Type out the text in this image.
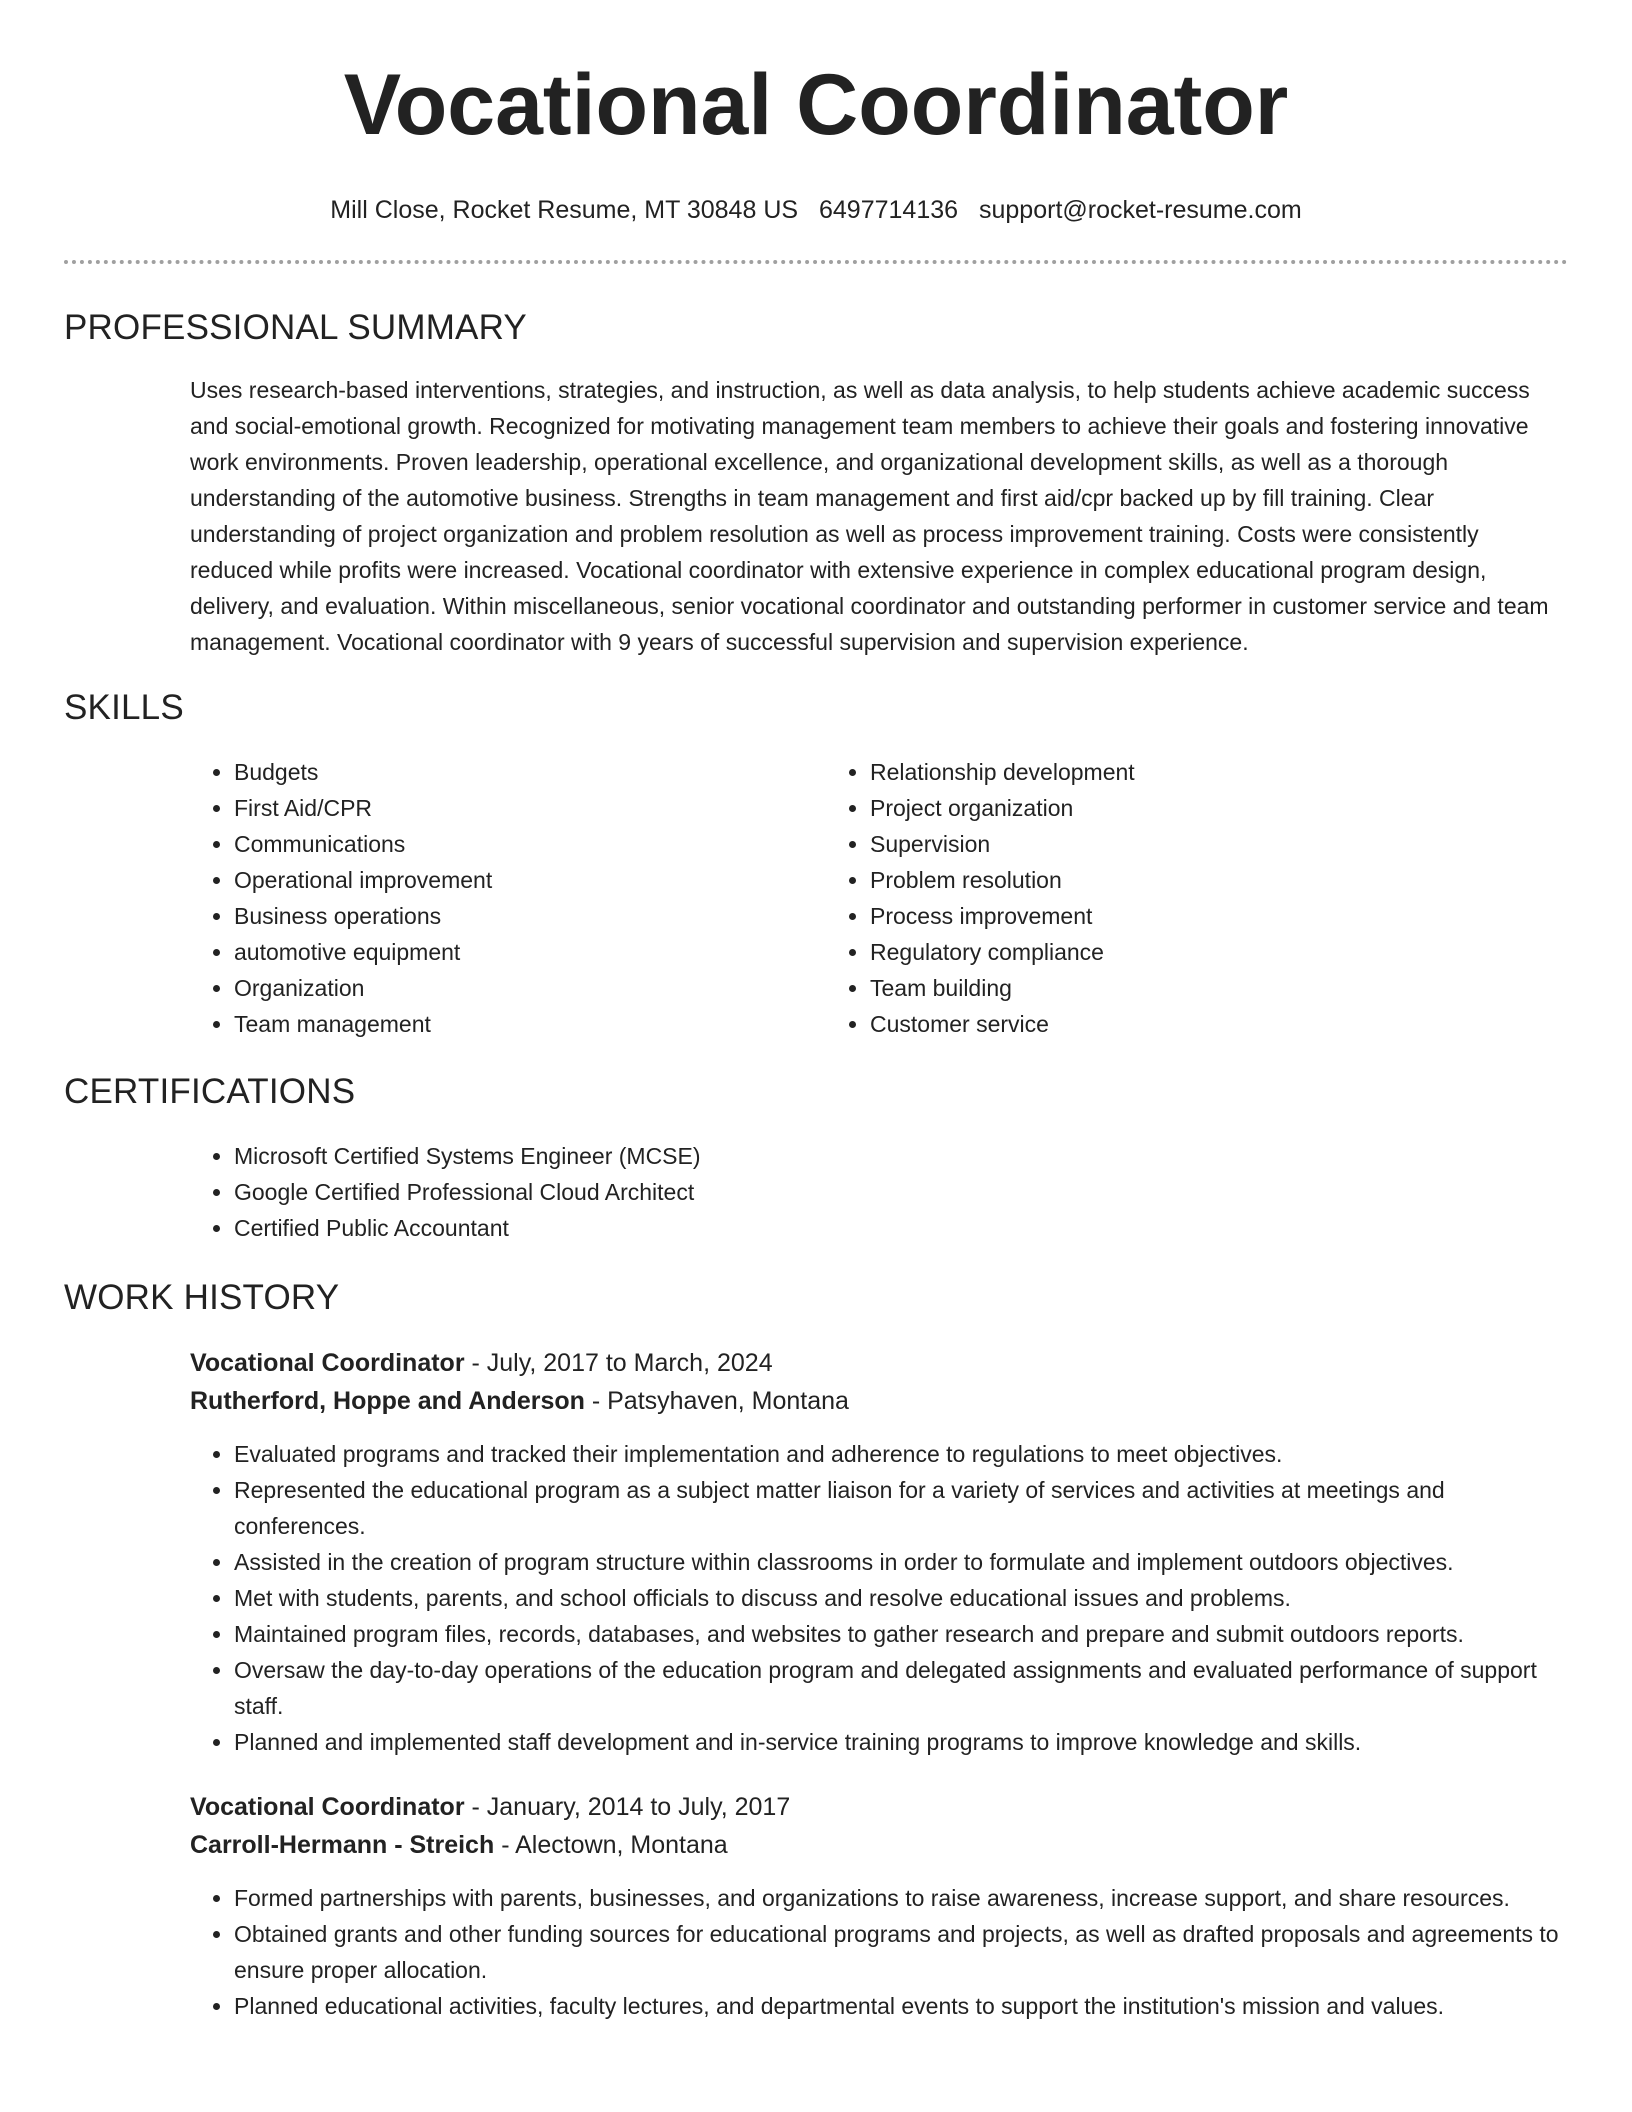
Vocational Coordinator
Mill Close, Rocket Resume, MT 30848 US 6497714136 support@rocket-resume.com
PROFESSIONAL SUMMARY
Uses research-based interventions, strategies, and instruction, as well as data analysis, to help students achieve academic success and social-emotional growth. Recognized for motivating management team members to achieve their goals and fostering innovative work environments. Proven leadership, operational excellence, and organizational development skills, as well as a thorough understanding of the automotive business. Strengths in team management and first aid/cpr backed up by fill training. Clear understanding of project organization and problem resolution as well as process improvement training. Costs were consistently reduced while profits were increased. Vocational coordinator with extensive experience in complex educational program design, delivery, and evaluation. Within miscellaneous, senior vocational coordinator and outstanding performer in customer service and team management. Vocational coordinator with 9 years of successful supervision and supervision experience.
SKILLS
• Budgets
• First Aid/CPR
• Communications
• Operational improvement
• Business operations
• automotive equipment
• Organization
• Team management
• Relationship development
• Project organization
• Supervision
• Problem resolution
• Process improvement
• Regulatory compliance
• Team building
• Customer service
CERTIFICATIONS
• Microsoft Certified Systems Engineer (MCSE)
• Google Certified Professional Cloud Architect
• Certified Public Accountant
WORK HISTORY
Vocational Coordinator - July, 2017 to March, 2024
Rutherford, Hoppe and Anderson - Patsyhaven, Montana
• Evaluated programs and tracked their implementation and adherence to regulations to meet objectives.
• Represented the educational program as a subject matter liaison for a variety of services and activities at meetings and conferences.
• Assisted in the creation of program structure within classrooms in order to formulate and implement outdoors objectives.
• Met with students, parents, and school officials to discuss and resolve educational issues and problems.
• Maintained program files, records, databases, and websites to gather research and prepare and submit outdoors reports.
• Oversaw the day-to-day operations of the education program and delegated assignments and evaluated performance of support staff.
• Planned and implemented staff development and in-service training programs to improve knowledge and skills.
Vocational Coordinator - January, 2014 to July, 2017
Carroll-Hermann - Streich - Alectown, Montana
• Formed partnerships with parents, businesses, and organizations to raise awareness, increase support, and share resources.
• Obtained grants and other funding sources for educational programs and projects, as well as drafted proposals and agreements to ensure proper allocation.
• Planned educational activities, faculty lectures, and departmental events to support the institution's mission and values.
